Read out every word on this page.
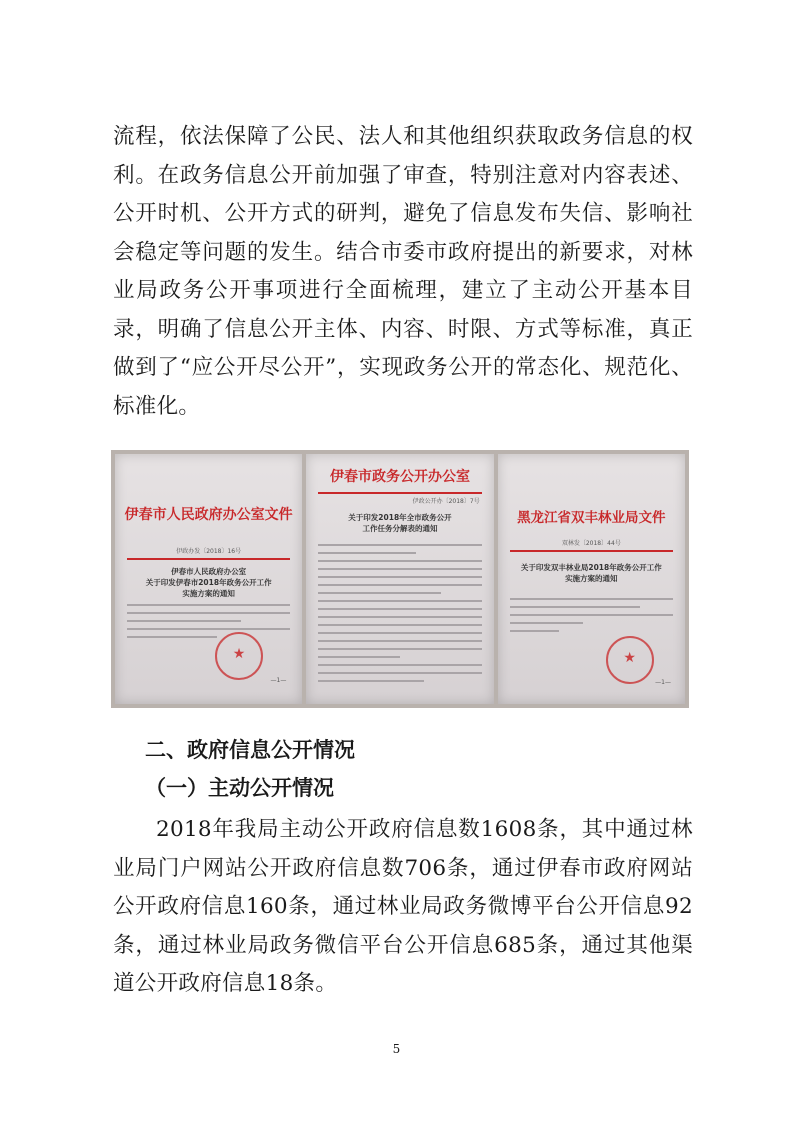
流程，依法保障了公民、法人和其他组织获取政务信息的权利。在政务信息公开前加强了审查，特别注意对内容表述、公开时机、公开方式的研判，避免了信息发布失信、影响社会稳定等问题的发生。结合市委市政府提出的新要求，对林业局政务公开事项进行全面梳理，建立了主动公开基本目录，明确了信息公开主体、内容、时限、方式等标准，真正做到了“应公开尽公开”，实现政务公开的常态化、规范化、标准化。

伊春市人民政府办公室文件
伊政办发〔2018〕16号
伊春市人民政府办公室
关于印发伊春市2018年政务公开工作
实施方案的通知
★
—1—
伊春市政务公开办公室
伊政公开办〔2018〕7号
关于印发2018年全市政务公开
工作任务分解表的通知
黑龙江省双丰林业局文件
双林发〔2018〕44号
关于印发双丰林业局2018年政务公开工作
实施方案的通知
★
—1—
二、政府信息公开情况
（一）主动公开情况

2018年我局主动公开政府信息数1608条，其中通过林业局门户网站公开政府信息数706条，通过伊春市政府网站公开政府信息160条，通过林业局政务微博平台公开信息92条，通过林业局政务微信平台公开信息685条，通过其他渠道公开政府信息18条。

5
